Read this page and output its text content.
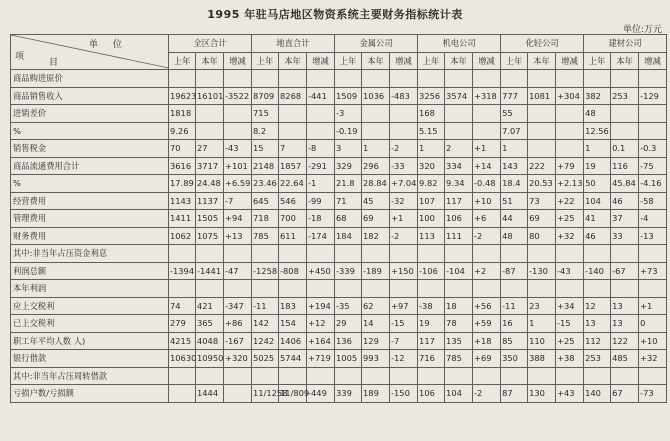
1995 年驻马店地区物资系统主要财务指标统计表
单位:万元
单 位
项
目	全区合计			地直合计			金属公司			机电公司			化轻公司			建材公司		
	上年	本年	增减	上年	本年	增减	上年	本年	增减	上年	本年	增减	上年	本年	增减	上年	本年	增减
商品购进原价																		
商品销售收入	19623	16101	-3522	8709	8268	-441	1509	1036	-483	3256	3574	+318	777	1081	+304	382	253	-129
进销差价	1818			715			-3			168			55			48		
%	9.26			8.2			-0.19			5.15			7.07			12.56		
销售税金	70	27	-43	15	7	-8	3	1	-2	1	2	+1	1			1	0.1	-0.3
商品流通费用合计	3616	3717	+101	2148	1857	-291	329	296	-33	320	334	+14	143	222	+79	19	116	-75
%	17.89	24.48	+6.59	23.46	22.64	-1	21.8	28.84	+7.04	9.82	9.34	-0.48	18.4	20.53	+2.13	50	45.84	-4.16
经营费用	1143	1137	-7	645	546	-99	71	45	-32	107	117	+10	51	73	+22	104	46	-58
管理费用	1411	1505	+94	718	700	-18	68	69	+1	100	106	+6	44	69	+25	41	37	-4
财务费用	1062	1075	+13	785	611	-174	184	182	-2	113	111	-2	48	80	+32	46	33	-13
其中:非当年占压资金利息																		
利润总额	-1394	-1441	-47	-1258	-808	+450	-339	-189	+150	-106	-104	+2	-87	-130	-43	-140	-67	+73
本年利润																		
应上交税利	74	421	-347	-11	183	+194	-35	62	+97	-38	18	+56	-11	23	+34	12	13	+1
已上交税利	279	365	+86	142	154	+12	29	14	-15	19	78	+59	16	1	-15	13	13	0
职工年平均人数 人)	4215	4048	-167	1242	1406	+164	136	129	-7	117	135	+18	85	110	+25	112	122	+10
银行借款	10630	10950	+320	5025	5744	+719	1005	993	-12	716	785	+69	350	388	+38	253	485	+32
其中:非当年占压周转借款																		
亏损户数/亏损额		1444		11/1258	11/809	-449	339	189	-150	106	104	-2	87	130	+43	140	67	-73
